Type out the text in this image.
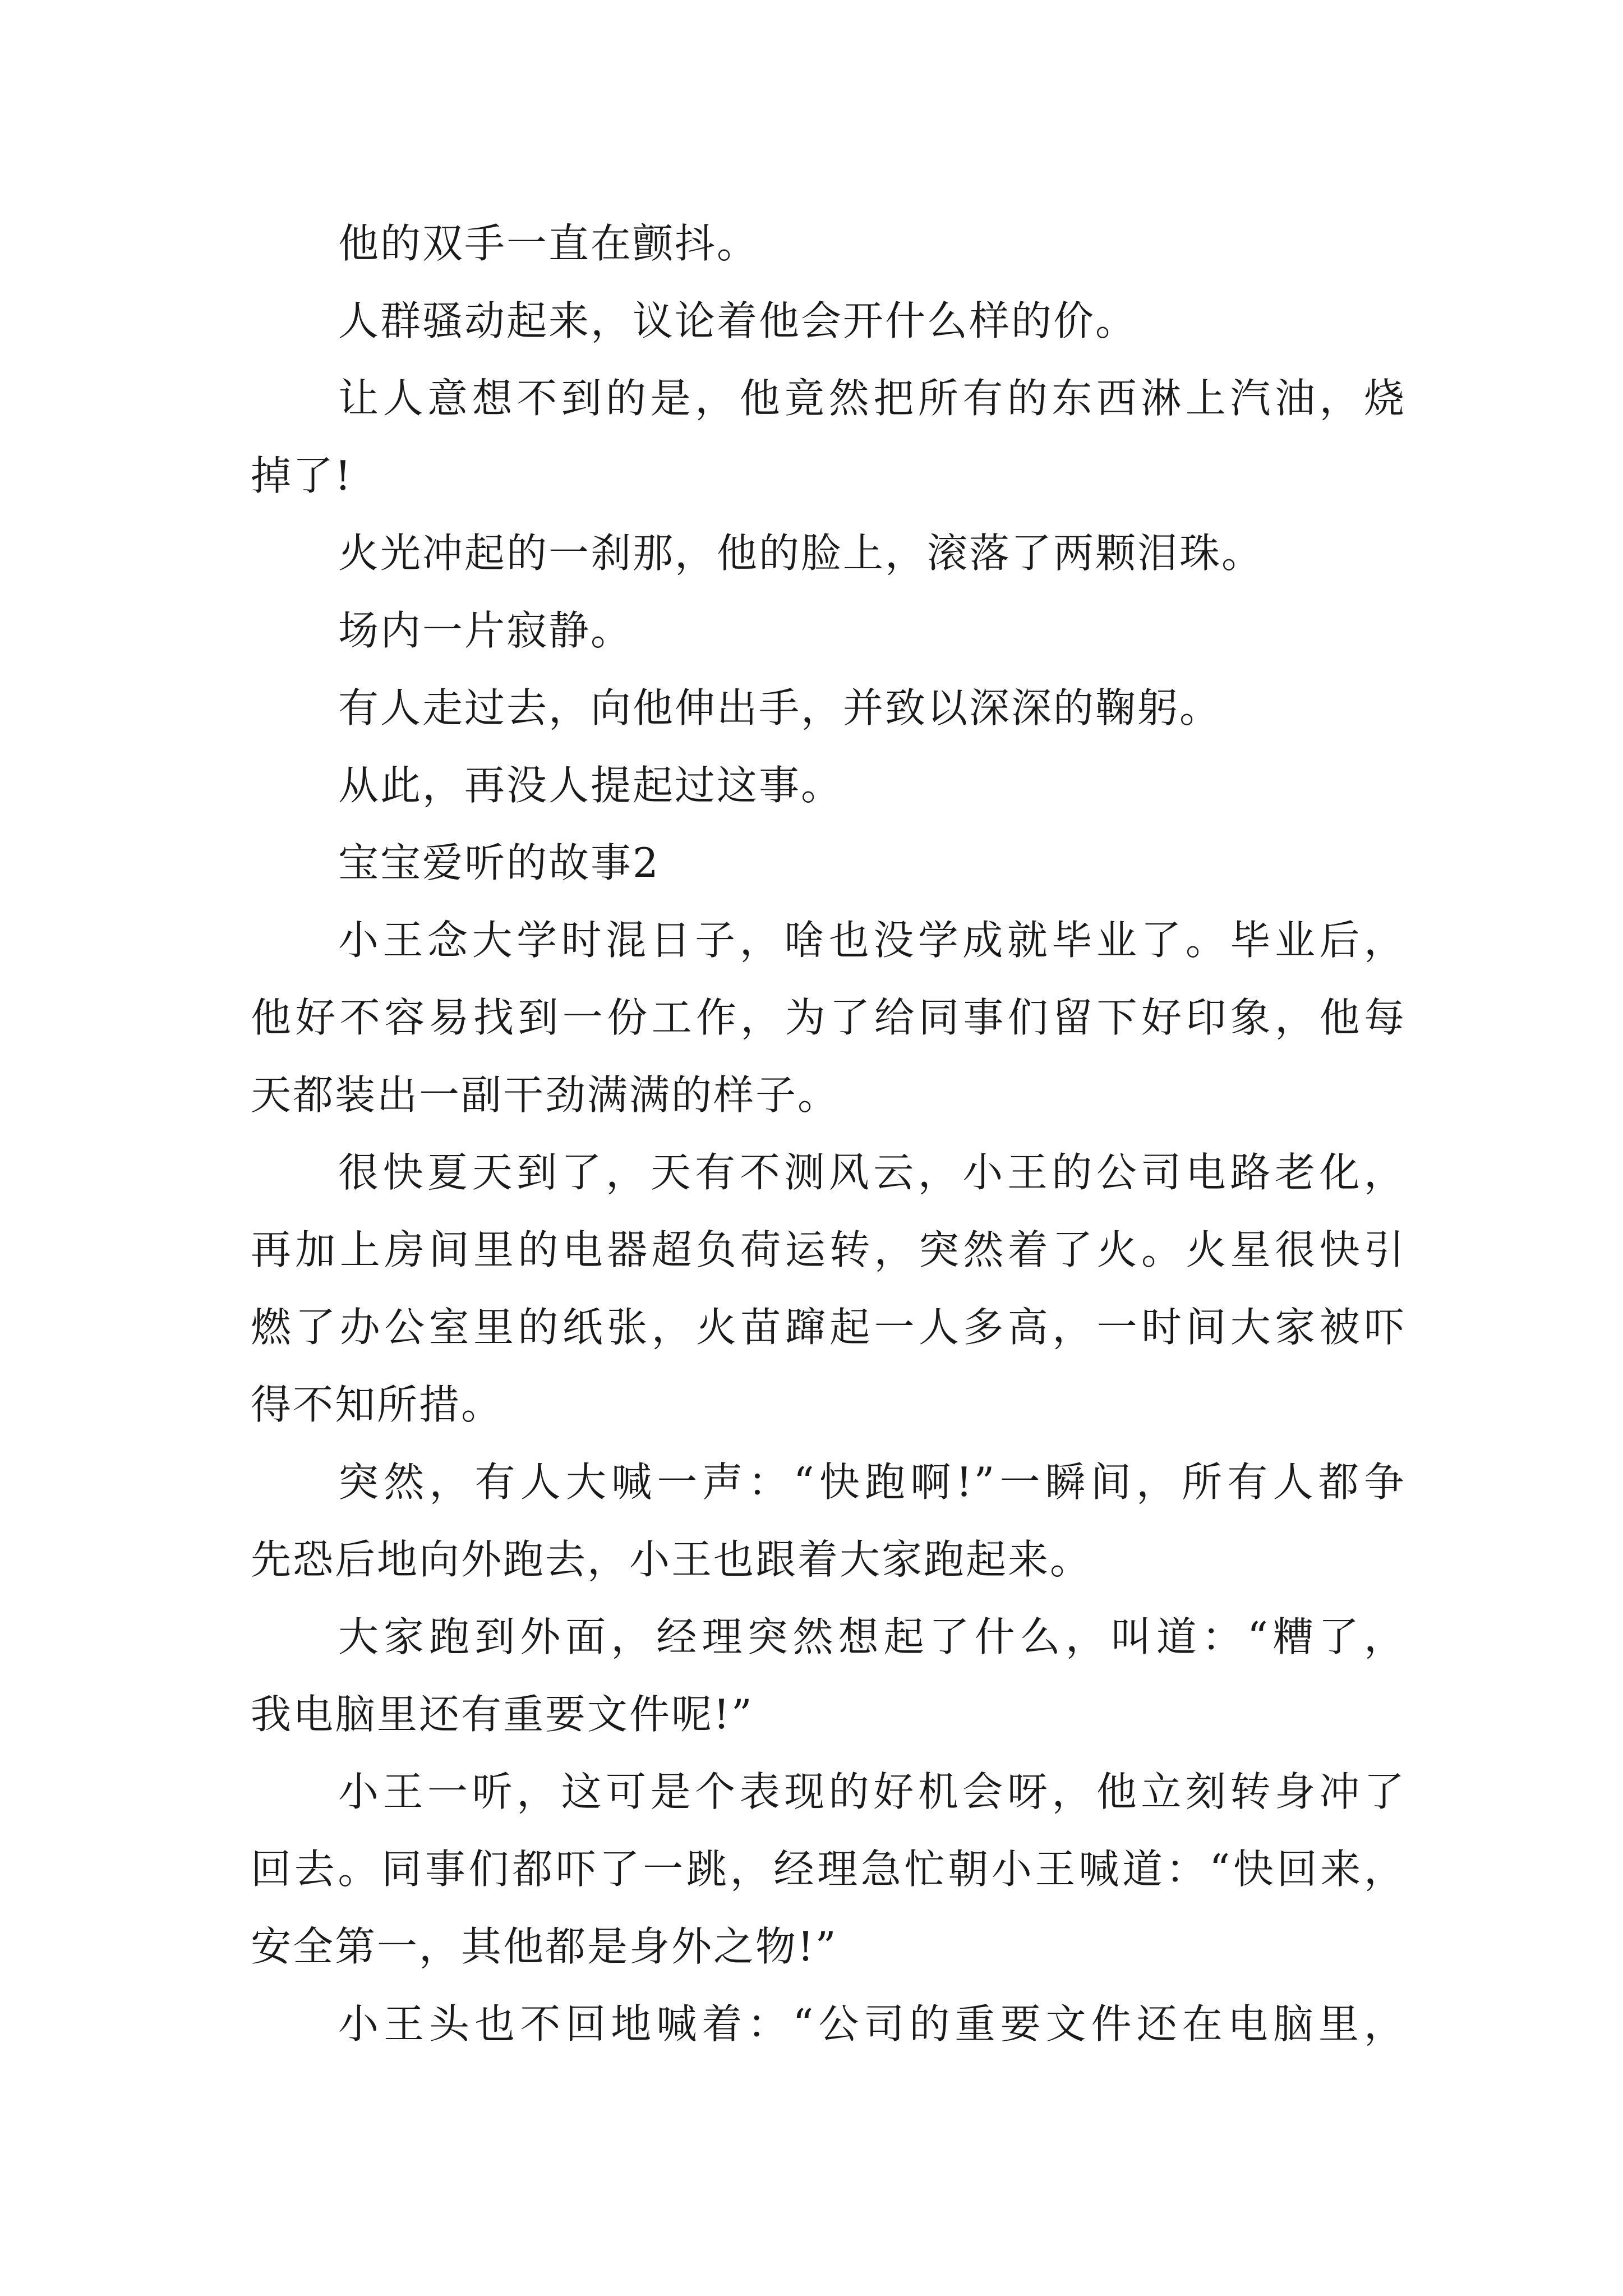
他的双手一直在颤抖。
人群骚动起来，议论着他会开什么样的价。
让人意想不到的是，他竟然把所有的东西淋上汽油，烧
掉了!
火光冲起的一刹那，他的脸上，滚落了两颗泪珠。
场内一片寂静。
有人走过去，向他伸出手，并致以深深的鞠躬。
从此，再没人提起过这事。
宝宝爱听的故事2
小王念大学时混日子，啥也没学成就毕业了。毕业后，
他好不容易找到一份工作，为了给同事们留下好印象，他每
天都装出一副干劲满满的样子。
很快夏天到了，天有不测风云，小王的公司电路老化，
再加上房间里的电器超负荷运转，突然着了火。火星很快引
燃了办公室里的纸张，火苗蹿起一人多高，一时间大家被吓
得不知所措。
突然，有人大喊一声：“快跑啊!”一瞬间，所有人都争
先恐后地向外跑去，小王也跟着大家跑起来。
大家跑到外面，经理突然想起了什么，叫道：“糟了，
我电脑里还有重要文件呢!”
小王一听，这可是个表现的好机会呀，他立刻转身冲了
回去。同事们都吓了一跳，经理急忙朝小王喊道：“快回来，
安全第一，其他都是身外之物!”
小王头也不回地喊着：“公司的重要文件还在电脑里，
